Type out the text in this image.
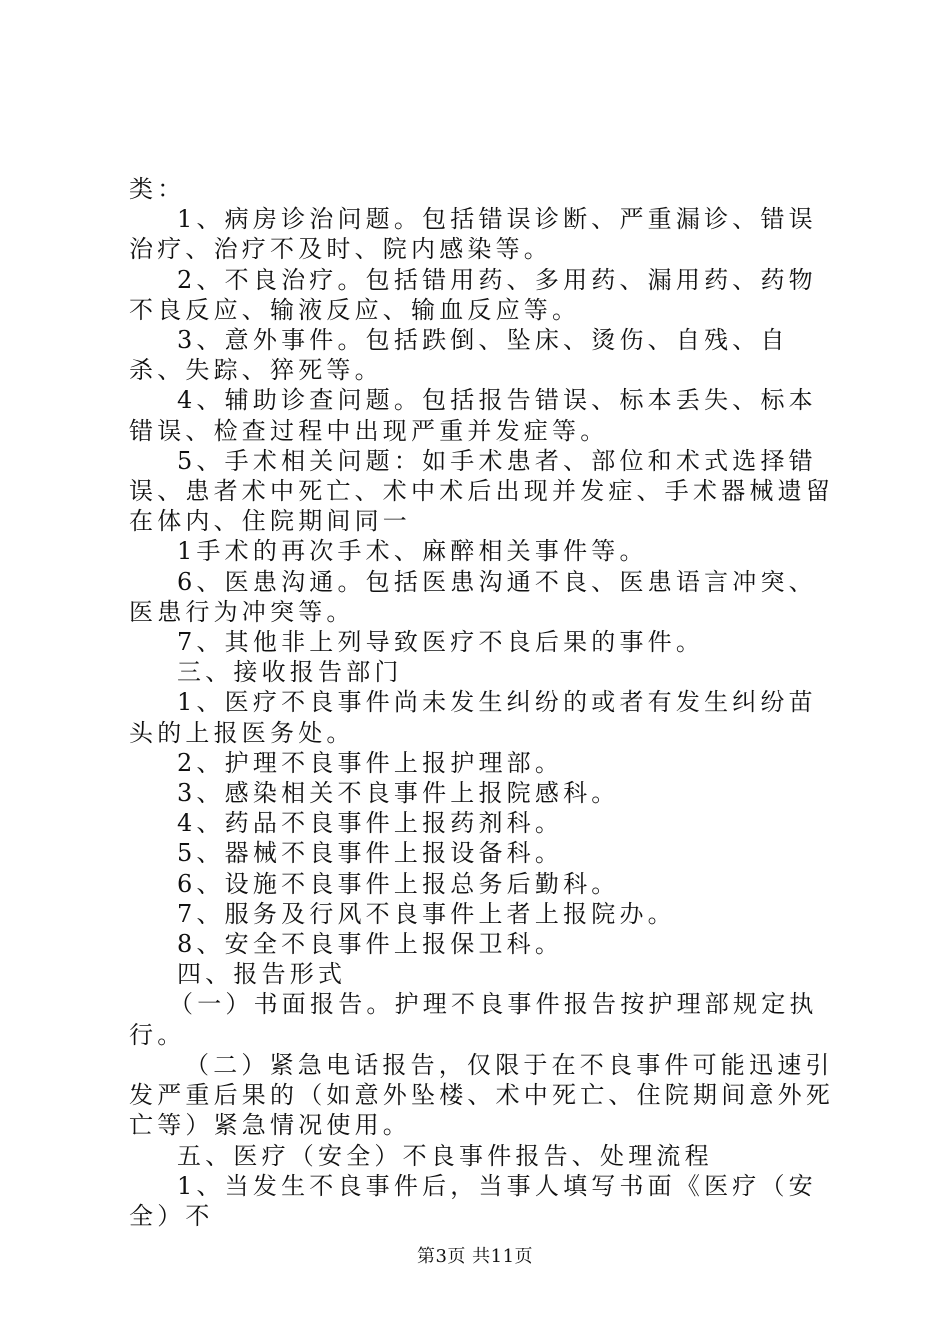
类：

1、病房诊治问题。包括错误诊断、严重漏诊、错误治疗、治疗不及时、院内感染等。

2、不良治疗。包括错用药、多用药、漏用药、药物不良反应、输液反应、输血反应等。

3、意外事件。包括跌倒、坠床、烫伤、自残、自杀、失踪、猝死等。

4、辅助诊查问题。包括报告错误、标本丢失、标本错误、检查过程中出现严重并发症等。

5、手术相关问题：如手术患者、部位和术式选择错误、患者术中死亡、术中术后出现并发症、手术器械遗留在体内、住院期间同一

1手术的再次手术、麻醉相关事件等。

6、医患沟通。包括医患沟通不良、医患语言冲突、医患行为冲突等。

7、其他非上列导致医疗不良后果的事件。

三、接收报告部门

1、医疗不良事件尚未发生纠纷的或者有发生纠纷苗头的上报医务处。

2、护理不良事件上报护理部。

3、感染相关不良事件上报院感科。

4、药品不良事件上报药剂科。

5、器械不良事件上报设备科。

6、设施不良事件上报总务后勤科。

7、服务及行风不良事件上者上报院办。

8、安全不良事件上报保卫科。

四、报告形式

（一）书面报告。护理不良事件报告按护理部规定执行。

（二）紧急电话报告，仅限于在不良事件可能迅速引发严重后果的（如意外坠楼、术中死亡、住院期间意外死亡等）紧急情况使用。

五、医疗（安全）不良事件报告、处理流程

1、当发生不良事件后，当事人填写书面《医疗（安全）不

第3页 共11页
